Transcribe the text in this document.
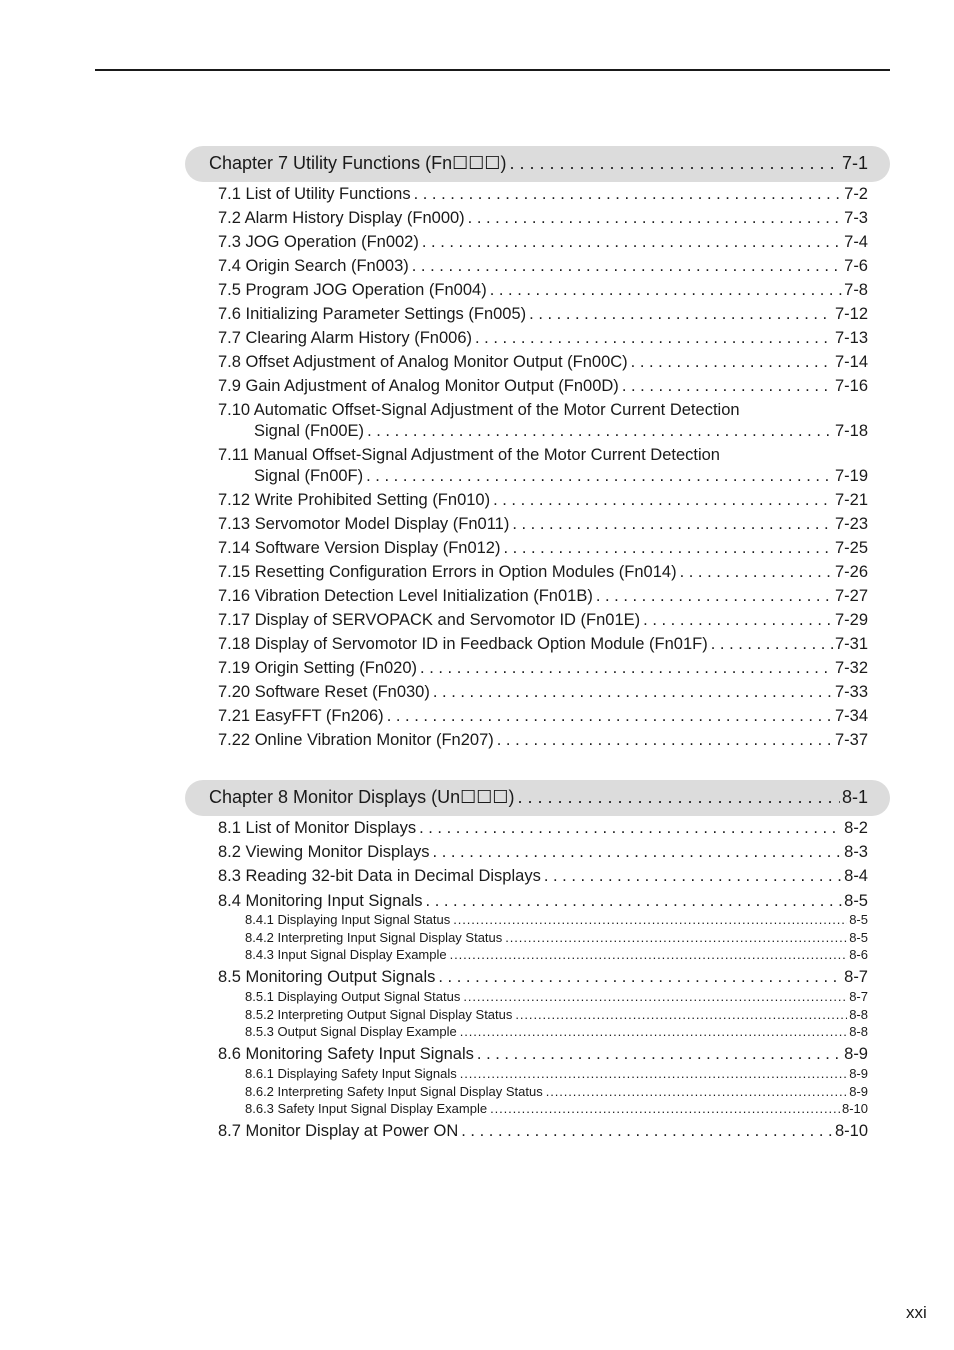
Chapter 7 Utility Functions (Fn☐☐☐) . . .	7-1
7.1 List of Utility Functions . . .	7-2
7.2 Alarm History Display (Fn000) . . .	7-3
7.3 JOG Operation (Fn002) . . .	7-4
7.4 Origin Search (Fn003) . . .	7-6
7.5 Program JOG Operation (Fn004) . . .	7-8
7.6 Initializing Parameter Settings (Fn005) . . .	7-12
7.7 Clearing Alarm History (Fn006) . . .	7-13
7.8 Offset Adjustment of Analog Monitor Output (Fn00C) . . .	7-14
7.9 Gain Adjustment of Analog Monitor Output (Fn00D) . . .	7-16
7.10 Automatic Offset-Signal Adjustment of the Motor Current Detection
Signal (Fn00E) . . .	7-18
7.11 Manual Offset-Signal Adjustment of the Motor Current Detection
Signal (Fn00F) . . .	7-19
7.12 Write Prohibited Setting (Fn010) . . .	7-21
7.13 Servomotor Model Display (Fn011) . . .	7-23
7.14 Software Version Display (Fn012) . . .	7-25
7.15 Resetting Configuration Errors in Option Modules (Fn014) . . .	7-26
7.16 Vibration Detection Level Initialization (Fn01B) . . .	7-27
7.17 Display of SERVOPACK and Servomotor ID (Fn01E) . . .	7-29
7.18 Display of Servomotor ID in Feedback Option Module (Fn01F) . . .	7-31
7.19 Origin Setting (Fn020) . . .	7-32
7.20 Software Reset (Fn030) . . .	7-33
7.21 EasyFFT (Fn206) . . .	7-34
7.22 Online Vibration Monitor (Fn207) . . .	7-37
Chapter 8 Monitor Displays (Un☐☐☐) . . .	8-1
8.1 List of Monitor Displays . . .	8-2
8.2 Viewing Monitor Displays . . .	8-3
8.3 Reading 32-bit Data in Decimal Displays . . .	8-4
8.4 Monitoring Input Signals . . .	8-5
8.4.1 Displaying Input Signal Status .....	8-5
8.4.2 Interpreting Input Signal Display Status .....	8-5
8.4.3 Input Signal Display Example .....	8-6
8.5 Monitoring Output Signals . . .	8-7
8.5.1 Displaying Output Signal Status .....	8-7
8.5.2 Interpreting Output Signal Display Status .....	8-8
8.5.3 Output Signal Display Example .....	8-8
8.6 Monitoring Safety Input Signals . . .	8-9
8.6.1 Displaying Safety Input Signals .....	8-9
8.6.2 Interpreting Safety Input Signal Display Status .....	8-9
8.6.3 Safety Input Signal Display Example .....	8-10
8.7 Monitor Display at Power ON . . .	8-10
xxi
